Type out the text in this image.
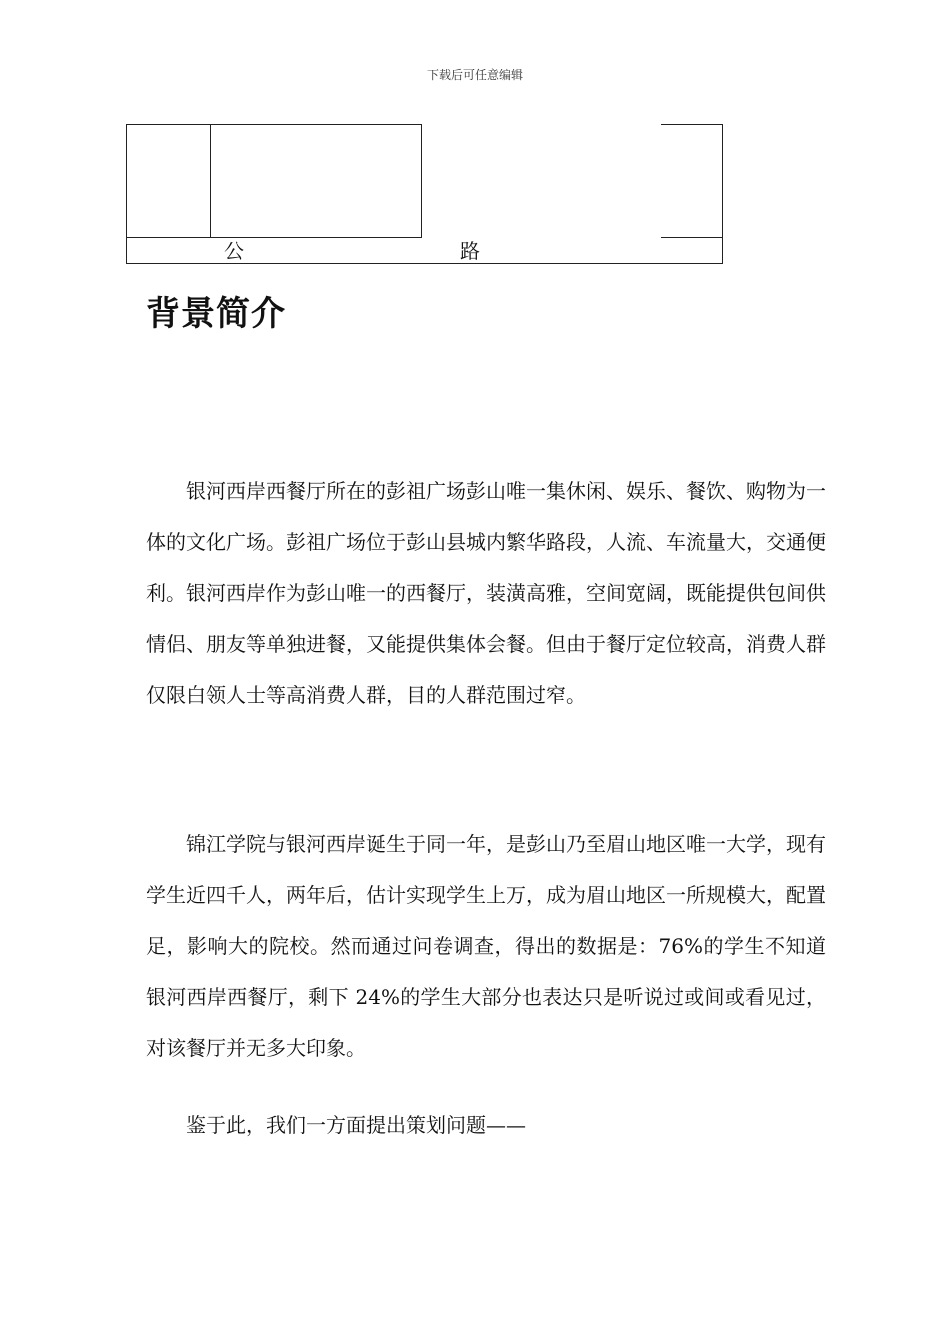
下载后可任意编辑
公	路
背景简介

银河西岸西餐厅所在的彭祖广场彭山唯一集休闲、娱乐、餐饮、购物为一体的文化广场。彭祖广场位于彭山县城内繁华路段，人流、车流量大，交通便利。银河西岸作为彭山唯一的西餐厅，装潢高雅，空间宽阔，既能提供包间供情侣、朋友等单独进餐，又能提供集体会餐。但由于餐厅定位较高，消费人群仅限白领人士等高消费人群，目的人群范围过窄。

锦江学院与银河西岸诞生于同一年，是彭山乃至眉山地区唯一大学，现有学生近四千人，两年后，估计实现学生上万，成为眉山地区一所规模大，配置足，影响大的院校。然而通过问卷调查，得出的数据是：76%的学生不知道银河西岸西餐厅，剩下 24%的学生大部分也表达只是听说过或间或看见过，对该餐厅并无多大印象。

鉴于此，我们一方面提出策划问题——
